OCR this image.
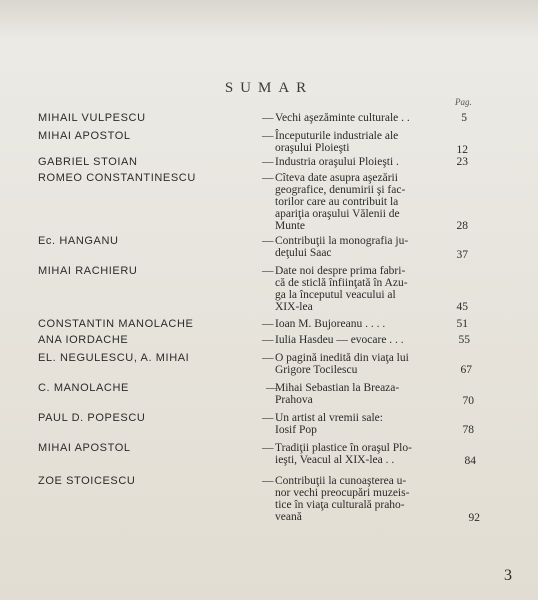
SUMAR
Pag.
MIHAIL VULPESCU	— Vechi aşezăminte culturale . .	5
MIHAI APOSTOL	— Începuturile industriale ale
oraşului Ploieşti	12
GABRIEL STOIAN	— Industria oraşului Ploieşti .	23
ROMEO CONSTANTINESCU	— Cîteva date asupra aşezării
geografice, denumirii şi fac-
torilor care au contribuit la
apariţia oraşului Vălenii de
Munte	28
Ec. HANGANU	— Contribuţii la monografia ju-
deţului Saac	37
MIHAI RACHIERU	— Date noi despre prima fabri-
că de sticlă înfiinţată în Azu-
ga la începutul veacului al
XIX-lea	45
CONSTANTIN MANOLACHE	— Ioan M. Bujoreanu . . . .	51
ANA IORDACHE	— Iulia Hasdeu — evocare . . .	55
EL. NEGULESCU, A. MIHAI	— O pagină inedită din viaţa lui
Grigore Tocilescu	67
C. MANOLACHE	—
Mihai Sebastian la Breaza-
Prahova	70
PAUL D. POPESCU	— Un artist al vremii sale:
Iosif Pop	78
MIHAI APOSTOL	— Tradiţii plastice în oraşul Plo-
ieşti, Veacul al XIX-lea . .	84
ZOE STOICESCU	— Contribuţii la cunoaşterea u-
nor vechi preocupări muzeis-
tice în viaţa culturală praho-
veană	92
3
